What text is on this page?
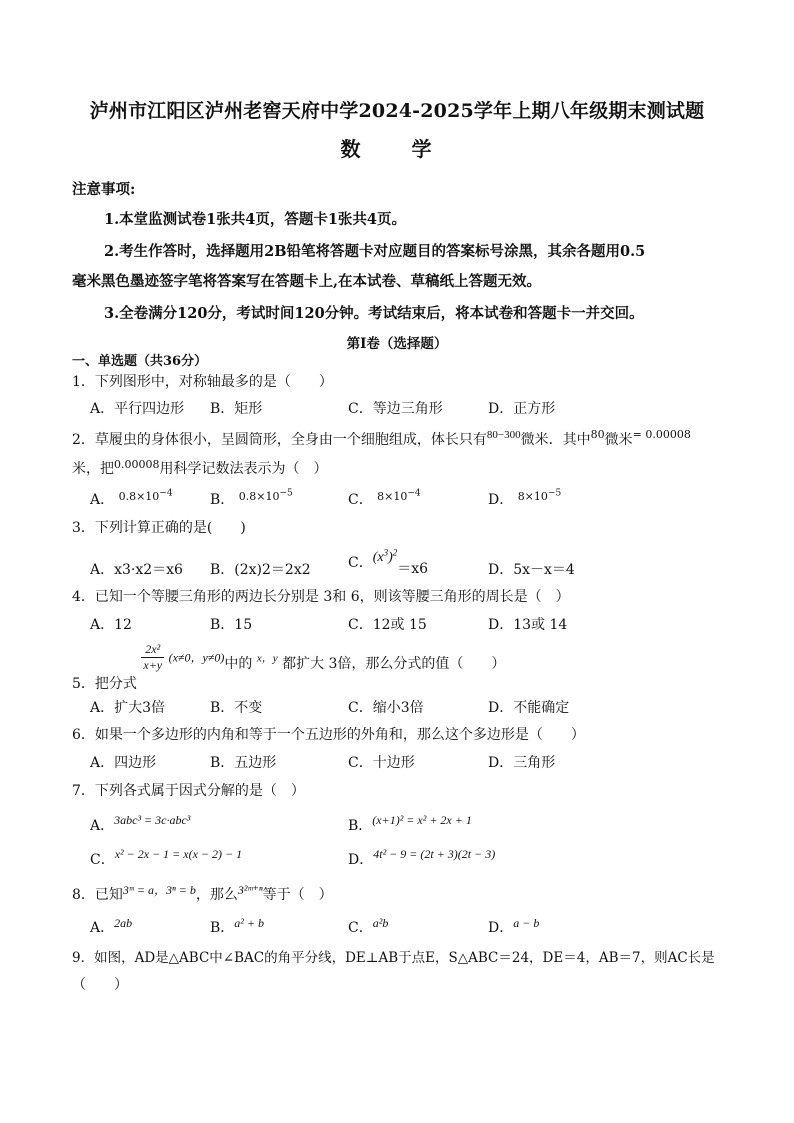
泸州市江阳区泸州老窖天府中学2024-2025学年上期八年级期末测试题
数 学
注意事项:
1.本堂监测试卷1张共4页，答题卡1张共4页。
2.考生作答时，选择题用2B铅笔将答题卡对应题目的答案标号涂黑，其余各题用0.5
毫米黑色墨迹签字笔将答案写在答题卡上,在本试卷、草稿纸上答题无效。
3.全卷满分120分，考试时间120分钟。考试结束后，将本试卷和答题卡一并交回。
第Ⅰ卷（选择题）
一、单选题（共36分）
1．下列图形中，对称轴最多的是（　　）
A．平行四边形 B．矩形	C．等边三角形	D．正方形
2．草履虫的身体很小，呈圆筒形，全身由一个细胞组成，体长只有$^{80-300}$微米．其中$^{80}$微米$^{= 0.00008}$
米，把$^{0.00008}$用科学记数法表示为（　）
A． $^{0.8\times 10^{-4}}$	B． $^{0.8\times 10^{-5}}$	C． $^{8\times 10^{-4}}$	D． $^{8\times 10^{-5}}$
3．下列计算正确的是(　　)
A．x3·x2＝x6 B．(2x)2＝2x2	C．$(x^3)^2=x6$	D．5x－x＝4
4．已知一个等腰三角形的两边长分别是 3和 6，则该等腰三角形的周长是（　）
A．12	B．15	C．12或 15	D．13或 14
5．把分式
$\frac{\text{2x²}}{x+y} (x\ne 0$，y≠0)中的 x，y 都扩大 3倍，那么分式的值（　　）
A．扩大3倍	B．不变	C．缩小3倍	D．不能确定
6．如果一个多边形的内角和等于一个五边形的外角和，那么这个多边形是（　　）
A．四边形	B．五边形	C．十边形	D．三角形
7．下列各式属于因式分解的是（　）
A．3abc³ = 3c·abc³	B．(x+1)² = x² + 2x + 1
C．x² − 2x − 1 = x(x − 2) − 1	D．4t² − 9 = (2t + 3)(2t − 3)
8．已知3ᵐ = a，3ⁿ = b，那么3²ᵐ⁺ⁿ等于（　）
A．2ab	B．a² + b	C．a²b	D．a − b
9．如图，AD是△ABC中∠BAC的角平分线，DE⊥AB于点E，S△ABC＝24，DE＝4，AB＝7，则AC长是
（　　）
